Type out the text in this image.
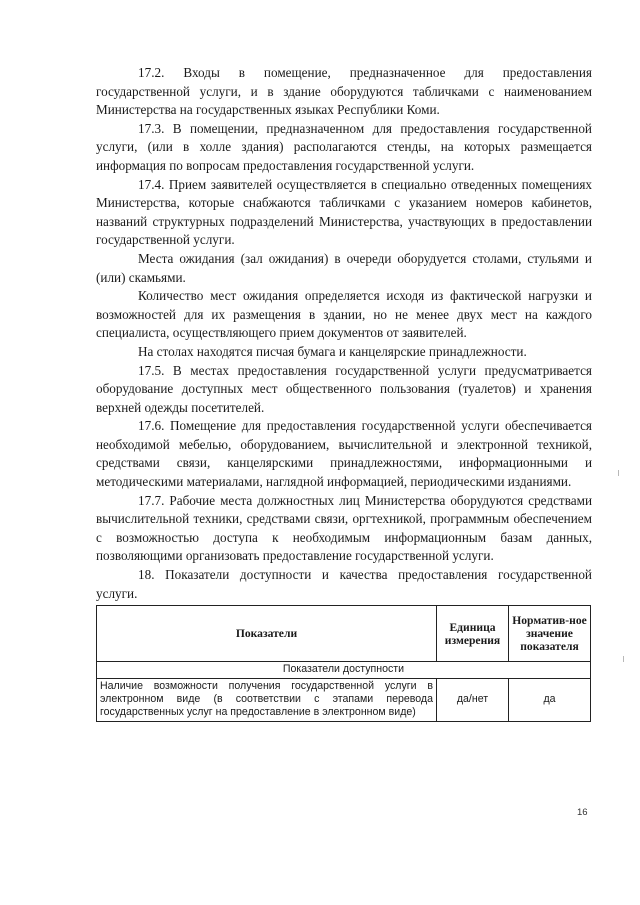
17.2. Входы в помещение, предназначенное для предоставления государственной услуги, и в здание оборудуются табличками с наименованием Министерства на государственных языках Республики Коми.

17.3. В помещении, предназначенном для предоставления государственной услуги, (или в холле здания) располагаются стенды, на которых размещается информация по вопросам предоставления государственной услуги.

17.4. Прием заявителей осуществляется в специально отведенных помещениях Министерства, которые снабжаются табличками с указанием номеров кабинетов, названий структурных подразделений Министерства, участвующих в предоставлении государственной услуги.

Места ожидания (зал ожидания) в очереди оборудуется столами, стульями и (или) скамьями.

Количество мест ожидания определяется исходя из фактической нагрузки и возможностей для их размещения в здании, но не менее двух мест на каждого специалиста, осуществляющего прием документов от заявителей.

На столах находятся писчая бумага и канцелярские принадлежности.

17.5. В местах предоставления государственной услуги предусматривается оборудование доступных мест общественного пользования (туалетов) и хранения верхней одежды посетителей.

17.6. Помещение для предоставления государственной услуги обеспечивается необходимой мебелью, оборудованием, вычислительной и электронной техникой, средствами связи, канцелярскими принадлежностями, информационными и методическими материалами, наглядной информацией, периодическими изданиями.

17.7. Рабочие места должностных лиц Министерства оборудуются средствами вычислительной техники, средствами связи, оргтехникой, программным обеспечением с возможностью доступа к необходимым информационным базам данных, позволяющими организовать предоставление государственной услуги.

18. Показатели доступности и качества предоставления государственной услуги.

Показатели	Единица измерения	Норматив-ное значение показателя
Показатели доступности		
Наличие возможности получения государственной услуги в электронном виде (в соответствии с этапами перевода государственных услуг на предоставление в электронном виде)	да/нет	да
16
